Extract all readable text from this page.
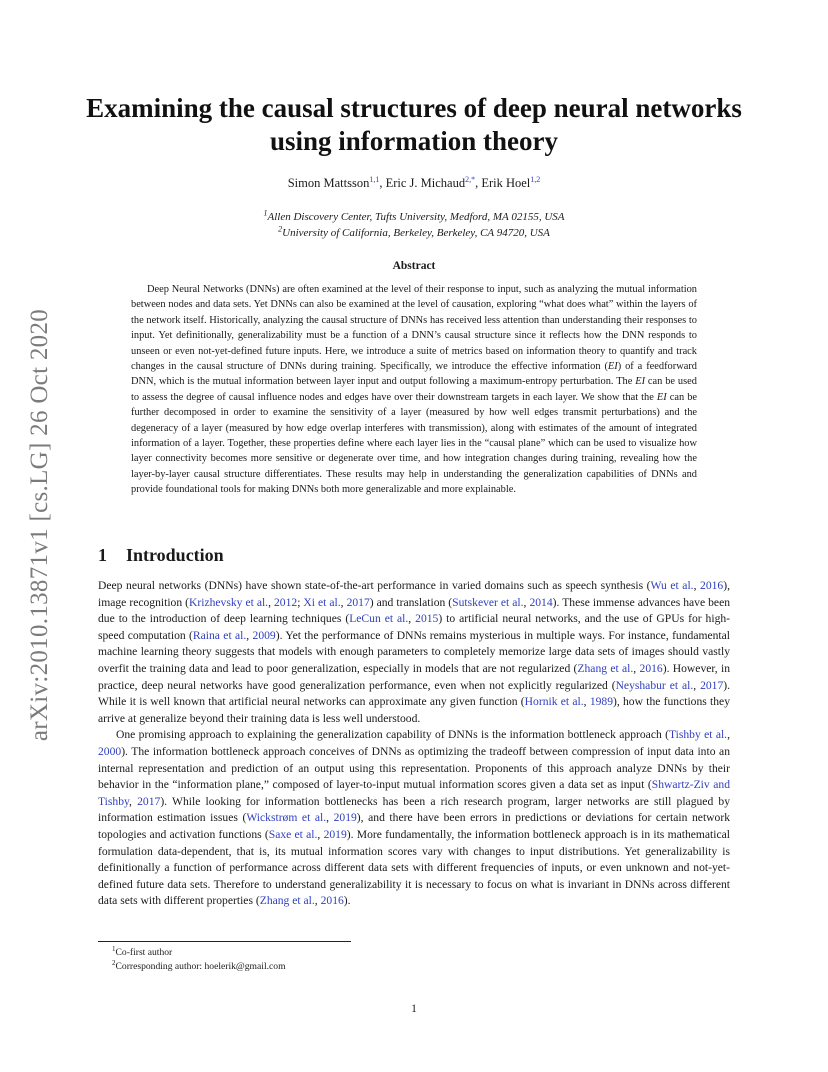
arXiv:2010.13871v1 [cs.LG] 26 Oct 2020
Examining the causal structures of deep neural networks
using information theory
Simon Mattsson$^{1,1}$, Eric J. Michaud$^{2,*}$, Erik Hoel$^{1,2}$
$^1$Allen Discovery Center, Tufts University, Medford, MA 02155, USA
$^2$University of California, Berkeley, Berkeley, CA 94720, USA
Abstract

Deep Neural Networks (DNNs) are often examined at the level of their response to input, such as analyzing the mutual information between nodes and data sets. Yet DNNs can also be examined at the level of causation, exploring “what does what” within the layers of the network itself. Historically, analyzing the causal structure of DNNs has received less attention than understanding their responses to input. Yet definitionally, generalizability must be a function of a DNN’s causal structure since it reflects how the DNN responds to unseen or even not-yet-defined future inputs. Here, we introduce a suite of metrics based on information theory to quantify and track changes in the causal structure of DNNs during training. Specifically, we introduce the effective information (EI) of a feedforward DNN, which is the mutual information between layer input and output following a maximum-entropy perturbation. The EI can be used to assess the degree of causal influence nodes and edges have over their downstream targets in each layer. We show that the EI can be further decomposed in order to examine the sensitivity of a layer (measured by how well edges transmit perturbations) and the degeneracy of a layer (measured by how edge overlap interferes with transmission), along with estimates of the amount of integrated information of a layer. Together, these properties define where each layer lies in the “causal plane” which can be used to visualize how layer connectivity becomes more sensitive or degenerate over time, and how integration changes during training, revealing how the layer-by-layer causal structure differentiates. These results may help in understanding the generalization capabilities of DNNs and provide foundational tools for making DNNs both more generalizable and more explainable.

1 Introduction

Deep neural networks (DNNs) have shown state-of-the-art performance in varied domains such as speech synthesis (Wu et al., 2016), image recognition (Krizhevsky et al., 2012; Xi et al., 2017) and translation (Sutskever et al., 2014). These immense advances have been due to the introduction of deep learning techniques (LeCun et al., 2015) to artificial neural networks, and the use of GPUs for high-speed computation (Raina et al., 2009). Yet the performance of DNNs remains mysterious in multiple ways. For instance, fundamental machine learning theory suggests that models with enough parameters to completely memorize large data sets of images should vastly overfit the training data and lead to poor generalization, especially in models that are not regularized (Zhang et al., 2016). However, in practice, deep neural networks have good generalization performance, even when not explicitly regularized (Neyshabur et al., 2017). While it is well known that artificial neural networks can approximate any given function (Hornik et al., 1989), how the functions they arrive at generalize beyond their training data is less well understood.

One promising approach to explaining the generalization capability of DNNs is the information bottleneck approach (Tishby et al., 2000). The information bottleneck approach conceives of DNNs as optimizing the tradeoff between compression of input data into an internal representation and prediction of an output using this representation. Proponents of this approach analyze DNNs by their behavior in the “information plane,” composed of layer-to-input mutual information scores given a data set as input (Shwartz-Ziv and Tishby, 2017). While looking for information bottlenecks has been a rich research program, larger networks are still plagued by information estimation issues (Wickstrøm et al., 2019), and there have been errors in predictions or deviations for certain network topologies and activation functions (Saxe et al., 2019). More fundamentally, the information bottleneck approach is in its mathematical formulation data-dependent, that is, its mutual information scores vary with changes to input distributions. Yet generalizability is definitionally a function of performance across different data sets with different frequencies of inputs, or even unknown and not-yet-defined future data sets. Therefore to understand generalizability it is necessary to focus on what is invariant in DNNs across different data sets with different properties (Zhang et al., 2016).

$^1$Co-first author
$^2$Corresponding author: hoelerik@gmail.com
1
